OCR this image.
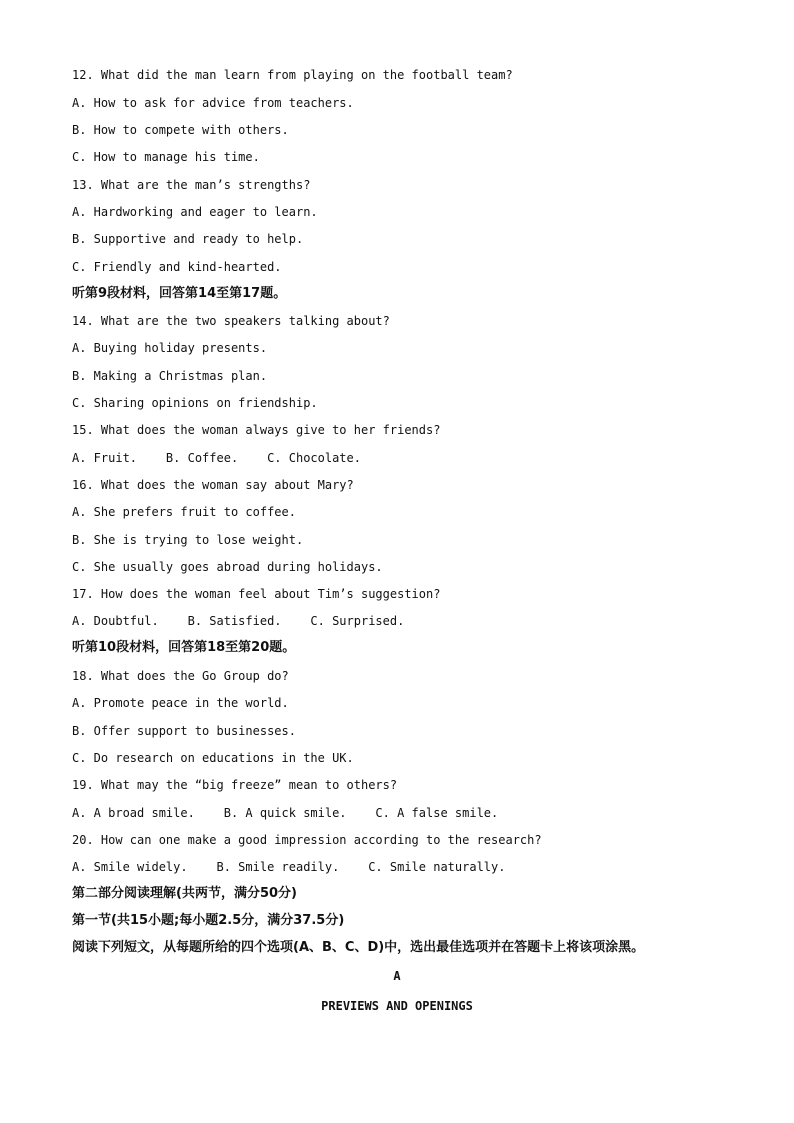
12. What did the man learn from playing on the football team?
A. How to ask for advice from teachers.
B. How to compete with others.
C. How to manage his time.
13. What are the man’s strengths?
A. Hardworking and eager to learn.
B. Supportive and ready to help.
C. Friendly and kind-hearted.
听第9段材料，回答第14至第17题。
14. What are the two speakers talking about?
A. Buying holiday presents.
B. Making a Christmas plan.
C. Sharing opinions on friendship.
15. What does the woman always give to her friends?
A. Fruit.    B. Coffee.    C. Chocolate.
16. What does the woman say about Mary?
A. She prefers fruit to coffee.
B. She is trying to lose weight.
C. She usually goes abroad during holidays.
17. How does the woman feel about Tim’s suggestion?
A. Doubtful.    B. Satisfied.    C. Surprised.
听第10段材料，回答第18至第20题。
18. What does the Go Group do?
A. Promote peace in the world.
B. Offer support to businesses.
C. Do research on educations in the UK.
19. What may the “big freeze” mean to others?
A. A broad smile.    B. A quick smile.    C. A false smile.
20. How can one make a good impression according to the research?
A. Smile widely.    B. Smile readily.    C. Smile naturally.
第二部分阅读理解(共两节，满分50分)
第一节(共15小题;每小题2.5分，满分37.5分)
阅读下列短文，从每题所给的四个选项(A、B、C、D)中，选出最佳选项并在答题卡上将该项涂黑。
A
PREVIEWS AND OPENINGS
